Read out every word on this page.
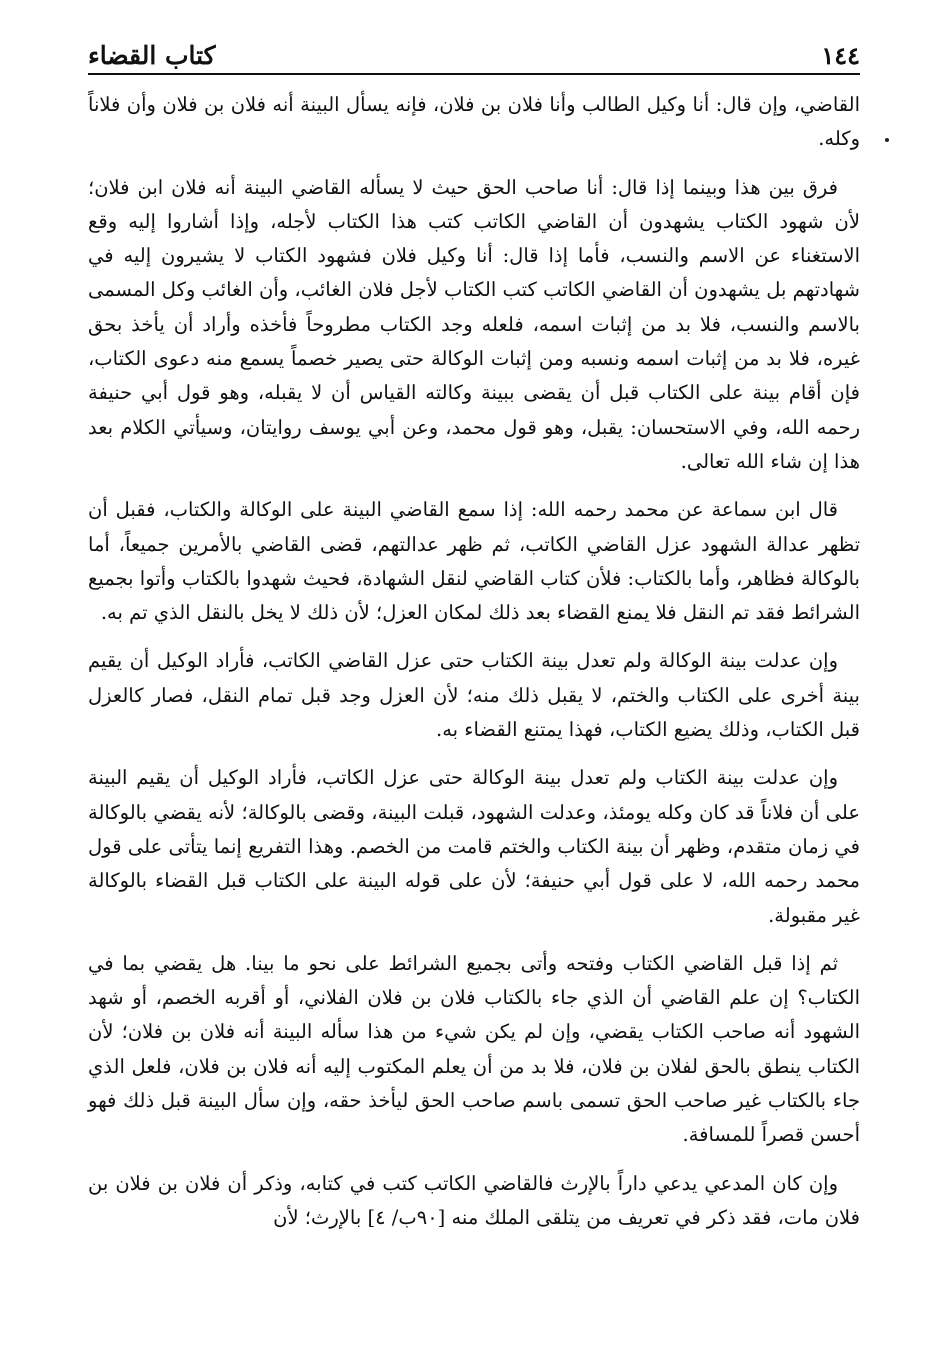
١٤٤
كتاب القضاء

القاضي، وإن قال: أنا وكيل الطالب وأنا فلان بن فلان، فإنه يسأل البينة أنه فلان بن فلان وأن فلاناً وكله.

فرق بين هذا وبينما إذا قال: أنا صاحب الحق حيث لا يسأله القاضي البينة أنه فلان ابن فلان؛ لأن شهود الكتاب يشهدون أن القاضي الكاتب كتب هذا الكتاب لأجله، وإذا أشاروا إليه وقع الاستغناء عن الاسم والنسب، فأما إذا قال: أنا وكيل فلان فشهود الكتاب لا يشيرون إليه في شهادتهم بل يشهدون أن القاضي الكاتب كتب الكتاب لأجل فلان الغائب، وأن الغائب وكل المسمى بالاسم والنسب، فلا بد من إثبات اسمه، فلعله وجد الكتاب مطروحاً فأخذه وأراد أن يأخذ بحق غيره، فلا بد من إثبات اسمه ونسبه ومن إثبات الوكالة حتى يصير خصماً يسمع منه دعوى الكتاب، فإن أقام بينة على الكتاب قبل أن يقضى ببينة وكالته القياس أن لا يقبله، وهو قول أبي حنيفة رحمه الله، وفي الاستحسان: يقبل، وهو قول محمد، وعن أبي يوسف روايتان، وسيأتي الكلام بعد هذا إن شاء الله تعالى.

قال ابن سماعة عن محمد رحمه الله: إذا سمع القاضي البينة على الوكالة والكتاب، فقبل أن تظهر عدالة الشهود عزل القاضي الكاتب، ثم ظهر عدالتهم، قضى القاضي بالأمرين جميعاً، أما بالوكالة فظاهر، وأما بالكتاب: فلأن كتاب القاضي لنقل الشهادة، فحيث شهدوا بالكتاب وأتوا بجميع الشرائط فقد تم النقل فلا يمنع القضاء بعد ذلك لمكان العزل؛ لأن ذلك لا يخل بالنقل الذي تم به.

وإن عدلت بينة الوكالة ولم تعدل بينة الكتاب حتى عزل القاضي الكاتب، فأراد الوكيل أن يقيم بينة أخرى على الكتاب والختم، لا يقبل ذلك منه؛ لأن العزل وجد قبل تمام النقل، فصار كالعزل قبل الكتاب، وذلك يضيع الكتاب، فهذا يمتنع القضاء به.

وإن عدلت بينة الكتاب ولم تعدل بينة الوكالة حتى عزل الكاتب، فأراد الوكيل أن يقيم البينة على أن فلاناً قد كان وكله يومئذ، وعدلت الشهود، قبلت البينة، وقضى بالوكالة؛ لأنه يقضي بالوكالة في زمان متقدم، وظهر أن بينة الكتاب والختم قامت من الخصم. وهذا التفريع إنما يتأتى على قول محمد رحمه الله، لا على قول أبي حنيفة؛ لأن على قوله البينة على الكتاب قبل القضاء بالوكالة غير مقبولة.

ثم إذا قبل القاضي الكتاب وفتحه وأتى بجميع الشرائط على نحو ما بينا. هل يقضي بما في الكتاب؟ إن علم القاضي أن الذي جاء بالكتاب فلان بن فلان الفلاني، أو أقربه الخصم، أو شهد الشهود أنه صاحب الكتاب يقضي، وإن لم يكن شيء من هذا سأله البينة أنه فلان بن فلان؛ لأن الكتاب ينطق بالحق لفلان بن فلان، فلا بد من أن يعلم المكتوب إليه أنه فلان بن فلان، فلعل الذي جاء بالكتاب غير صاحب الحق تسمى باسم صاحب الحق ليأخذ حقه، وإن سأل البينة قبل ذلك فهو أحسن قصراً للمسافة.

وإن كان المدعي يدعي داراً بالإرث فالقاضي الكاتب كتب في كتابه، وذكر أن فلان بن فلان بن فلان مات، فقد ذكر في تعريف من يتلقى الملك منه [٩٠ب/ ٤] بالإرث؛ لأن
